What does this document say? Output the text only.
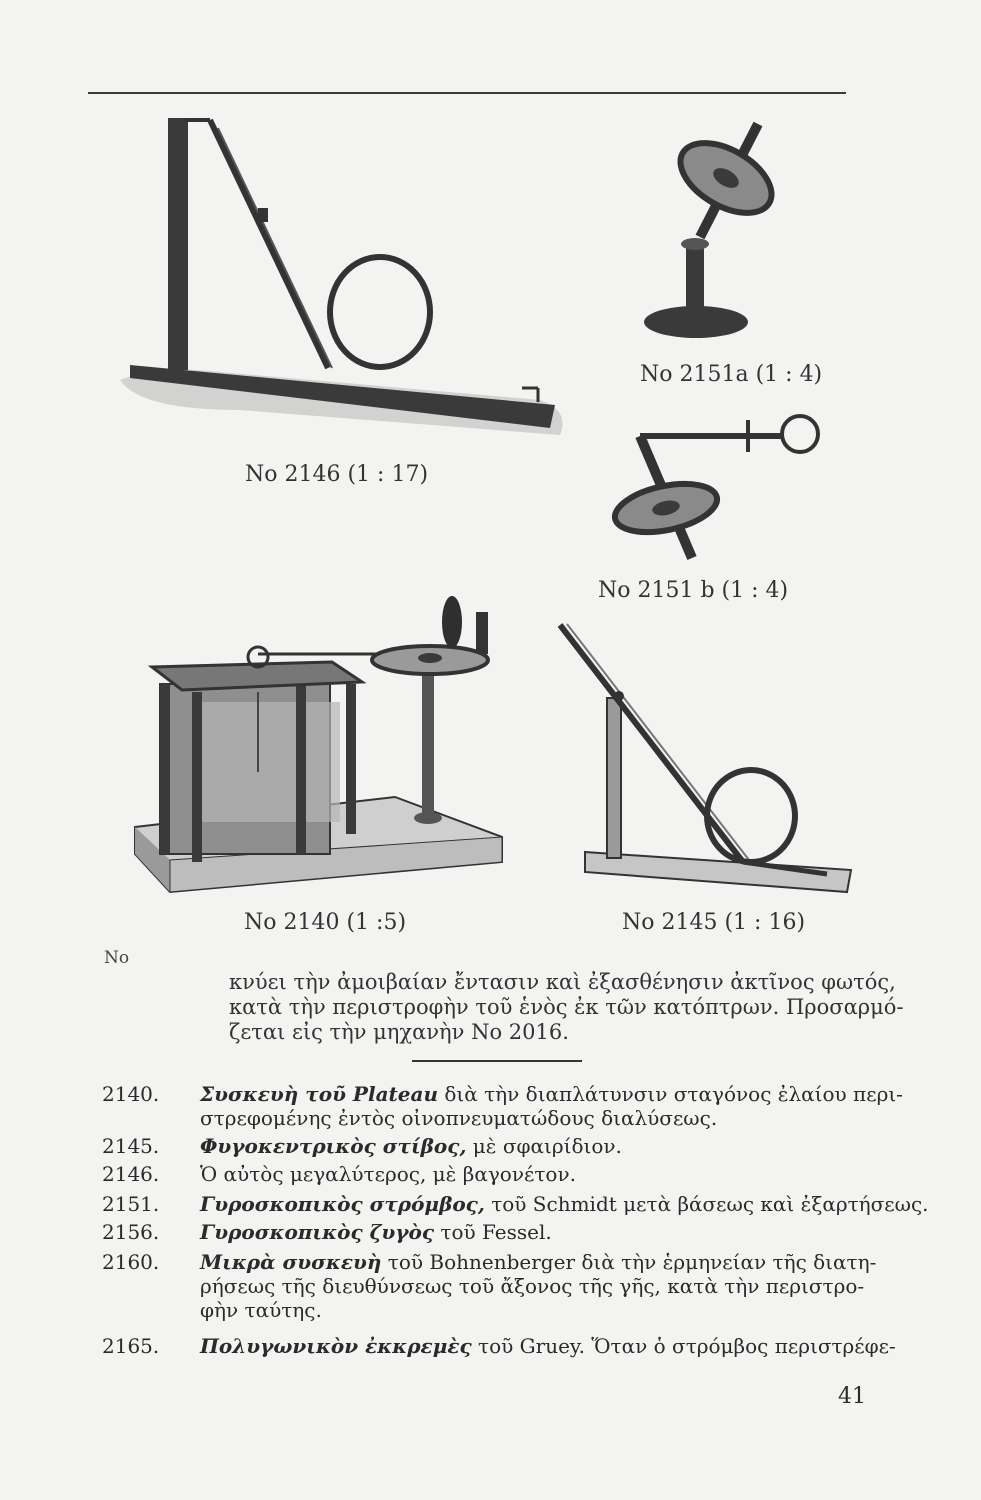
No 2146 (1 : 17)
No 2151a (1 : 4)
No 2151 b (1 : 4)
No 2140 (1 :5)	No 2145 (1 : 16)
No
κνύει τὴν ἀμοιβαίαν ἔντασιν καὶ ἐξασθένησιν ἀκτῖνος φωτός,
κατὰ τὴν περιστροφὴν τοῦ ἑνὸς ἐκ τῶν κατόπτρων. Προσαρμό-
ζεται εἰς τὴν μηχανὴν No 2016.
2140.	Συσκευὴ τοῦ Plateau διὰ τὴν διαπλάτυνσιν σταγόνος ἐλαίου περι-
στρεφομένης ἐντὸς οἰνοπνευματώδους διαλύσεως.
2145.	Φυγοκεντρικὸς στίβος, μὲ σφαιρίδιον.
2146.	Ὁ αὐτὸς μεγαλύτερος, μὲ βαγονέτον.
2151.	Γυροσκοπικὸς στρόμβος, τοῦ Schmidt μετὰ βάσεως καὶ ἐξαρτήσεως.
2156.	Γυροσκοπικὸς ζυγὸς τοῦ Fessel.
2160.	Μικρὰ συσκευὴ τοῦ Bohnenberger διὰ τὴν ἑρμηνείαν τῆς διατη-
ρήσεως τῆς διευθύνσεως τοῦ ἄξονος τῆς γῆς, κατὰ τὴν περιστρο-
φὴν ταύτης.
2165.	Πολυγωνικὸν ἐκκρεμὲς τοῦ Gruey. Ὅταν ὁ στρόμβος περιστρέφε-
41
